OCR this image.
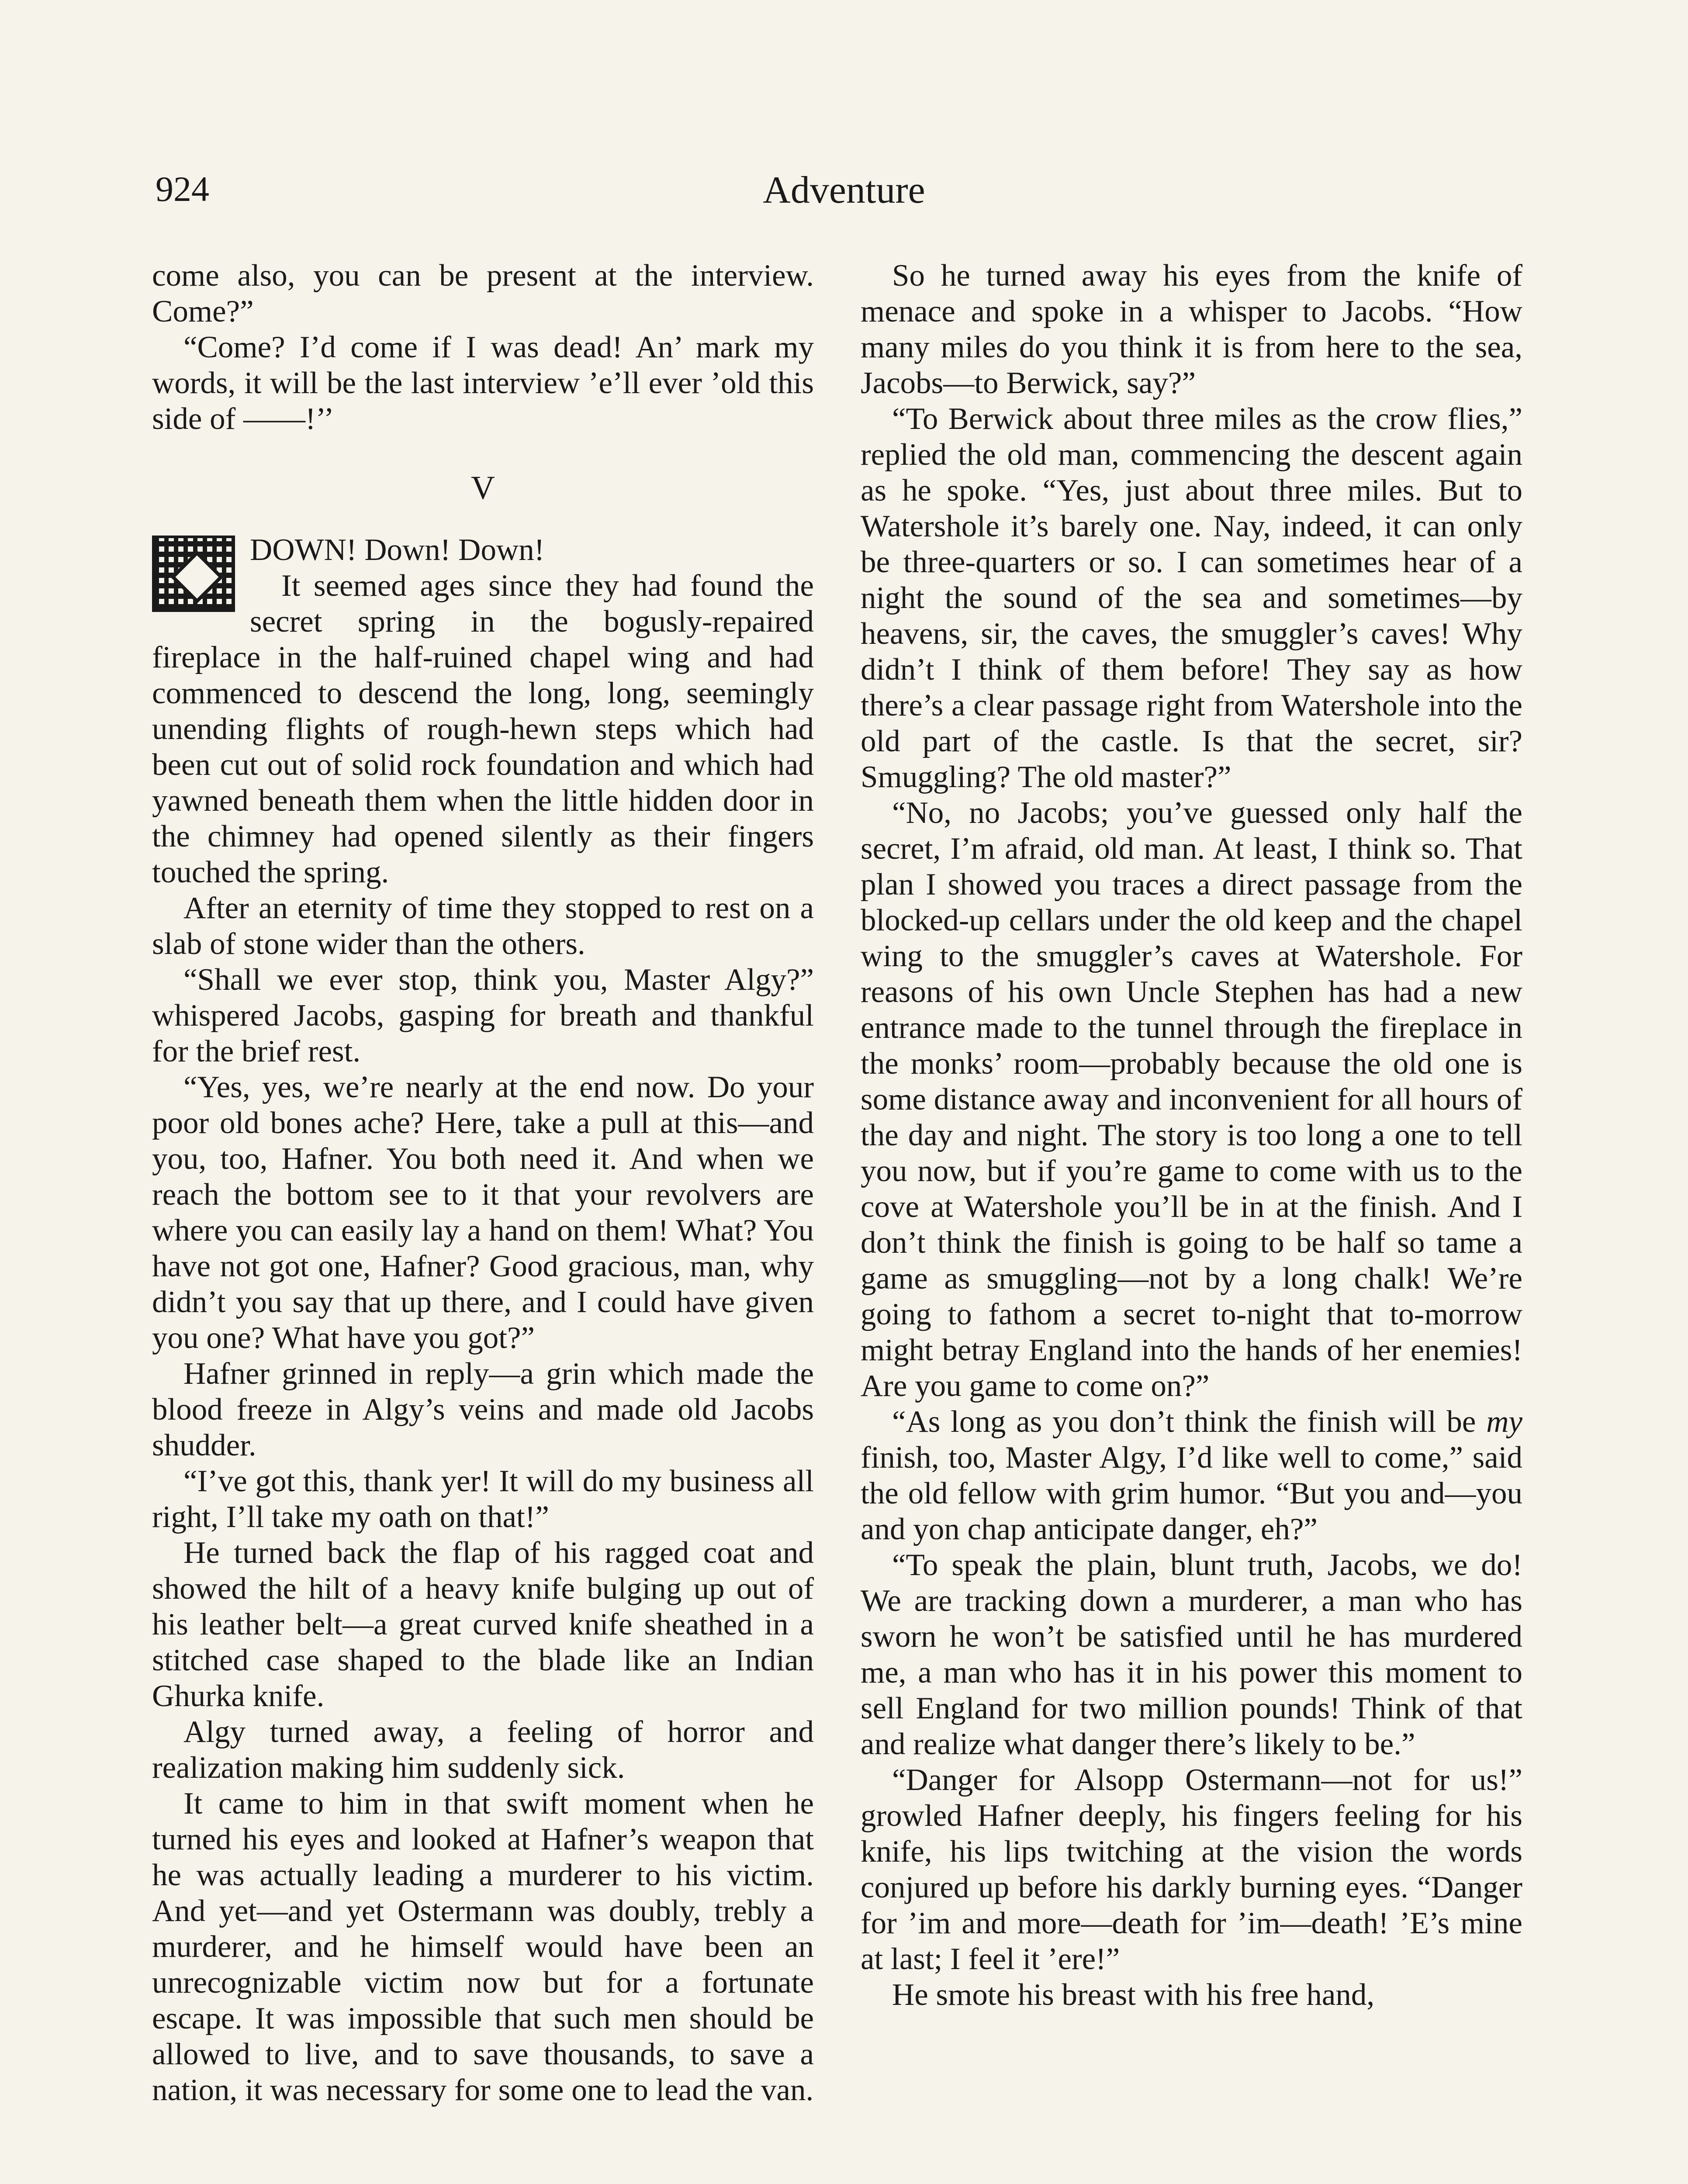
924	Adventure

come also, you can be present at the interview. Come?”

“Come? I’d come if I was dead! An’ mark my words, it will be the last interview ’e’ll ever ’old this side of ——!’’

V
DOWN! Down! Down!

It seemed ages since they had found the secret spring in the bogusly-repaired fireplace in the half-ruined chapel wing and had commenced to descend the long, long, seemingly unending flights of rough-hewn steps which had been cut out of solid rock foundation and which had yawned beneath them when the little hidden door in the chimney had opened silently as their fingers touched the spring.

After an eternity of time they stopped to rest on a slab of stone wider than the others.

“Shall we ever stop, think you, Master Algy?” whispered Jacobs, gasping for breath and thankful for the brief rest.

“Yes, yes, we’re nearly at the end now. Do your poor old bones ache? Here, take a pull at this—and you, too, Hafner. You both need it. And when we reach the bottom see to it that your revolvers are where you can easily lay a hand on them! What? You have not got one, Hafner? Good gracious, man, why didn’t you say that up there, and I could have given you one? What have you got?”

Hafner grinned in reply—a grin which made the blood freeze in Algy’s veins and made old Jacobs shudder.

“I’ve got this, thank yer! It will do my business all right, I’ll take my oath on that!”

He turned back the flap of his ragged coat and showed the hilt of a heavy knife bulging up out of his leather belt—a great curved knife sheathed in a stitched case shaped to the blade like an Indian Ghurka knife.

Algy turned away, a feeling of horror and realization making him suddenly sick.

It came to him in that swift moment when he turned his eyes and looked at Hafner’s weapon that he was actually leading a murderer to his victim. And yet—and yet Ostermann was doubly, trebly a murderer, and he himself would have been an unrecognizable victim now but for a fortunate escape. It was impossible that such men should be allowed to live, and to save thousands, to save a nation, it was necessary for some one to lead the van.

So he turned away his eyes from the knife of menace and spoke in a whisper to Jacobs. “How many miles do you think it is from here to the sea, Jacobs—to Berwick, say?”

“To Berwick about three miles as the crow flies,” replied the old man, commencing the descent again as he spoke. “Yes, just about three miles. But to Watershole it’s barely one. Nay, indeed, it can only be three-quarters or so. I can sometimes hear of a night the sound of the sea and sometimes—by heavens, sir, the caves, the smuggler’s caves! Why didn’t I think of them before! They say as how there’s a clear passage right from Watershole into the old part of the castle. Is that the secret, sir? Smuggling? The old master?”

“No, no Jacobs; you’ve guessed only half the secret, I’m afraid, old man. At least, I think so. That plan I showed you traces a direct passage from the blocked-up cellars under the old keep and the chapel wing to the smuggler’s caves at Watershole. For reasons of his own Uncle Stephen has had a new entrance made to the tunnel through the fireplace in the monks’ room—probably because the old one is some distance away and inconvenient for all hours of the day and night. The story is too long a one to tell you now, but if you’re game to come with us to the cove at Watershole you’ll be in at the finish. And I don’t think the finish is going to be half so tame a game as smuggling—not by a long chalk! We’re going to fathom a secret to-night that to-morrow might betray England into the hands of her enemies! Are you game to come on?”

“As long as you don’t think the finish will be my finish, too, Master Algy, I’d like well to come,” said the old fellow with grim humor. “But you and—you and yon chap anticipate danger, eh?”

“To speak the plain, blunt truth, Jacobs, we do! We are tracking down a murderer, a man who has sworn he won’t be satisfied until he has murdered me, a man who has it in his power this moment to sell England for two million pounds! Think of that and realize what danger there’s likely to be.”

“Danger for Alsopp Ostermann—not for us!” growled Hafner deeply, his fingers feeling for his knife, his lips twitching at the vision the words conjured up before his darkly burning eyes. “Danger for ’im and more—death for ’im—death! ’E’s mine at last; I feel it ’ere!”

He smote his breast with his free hand,
